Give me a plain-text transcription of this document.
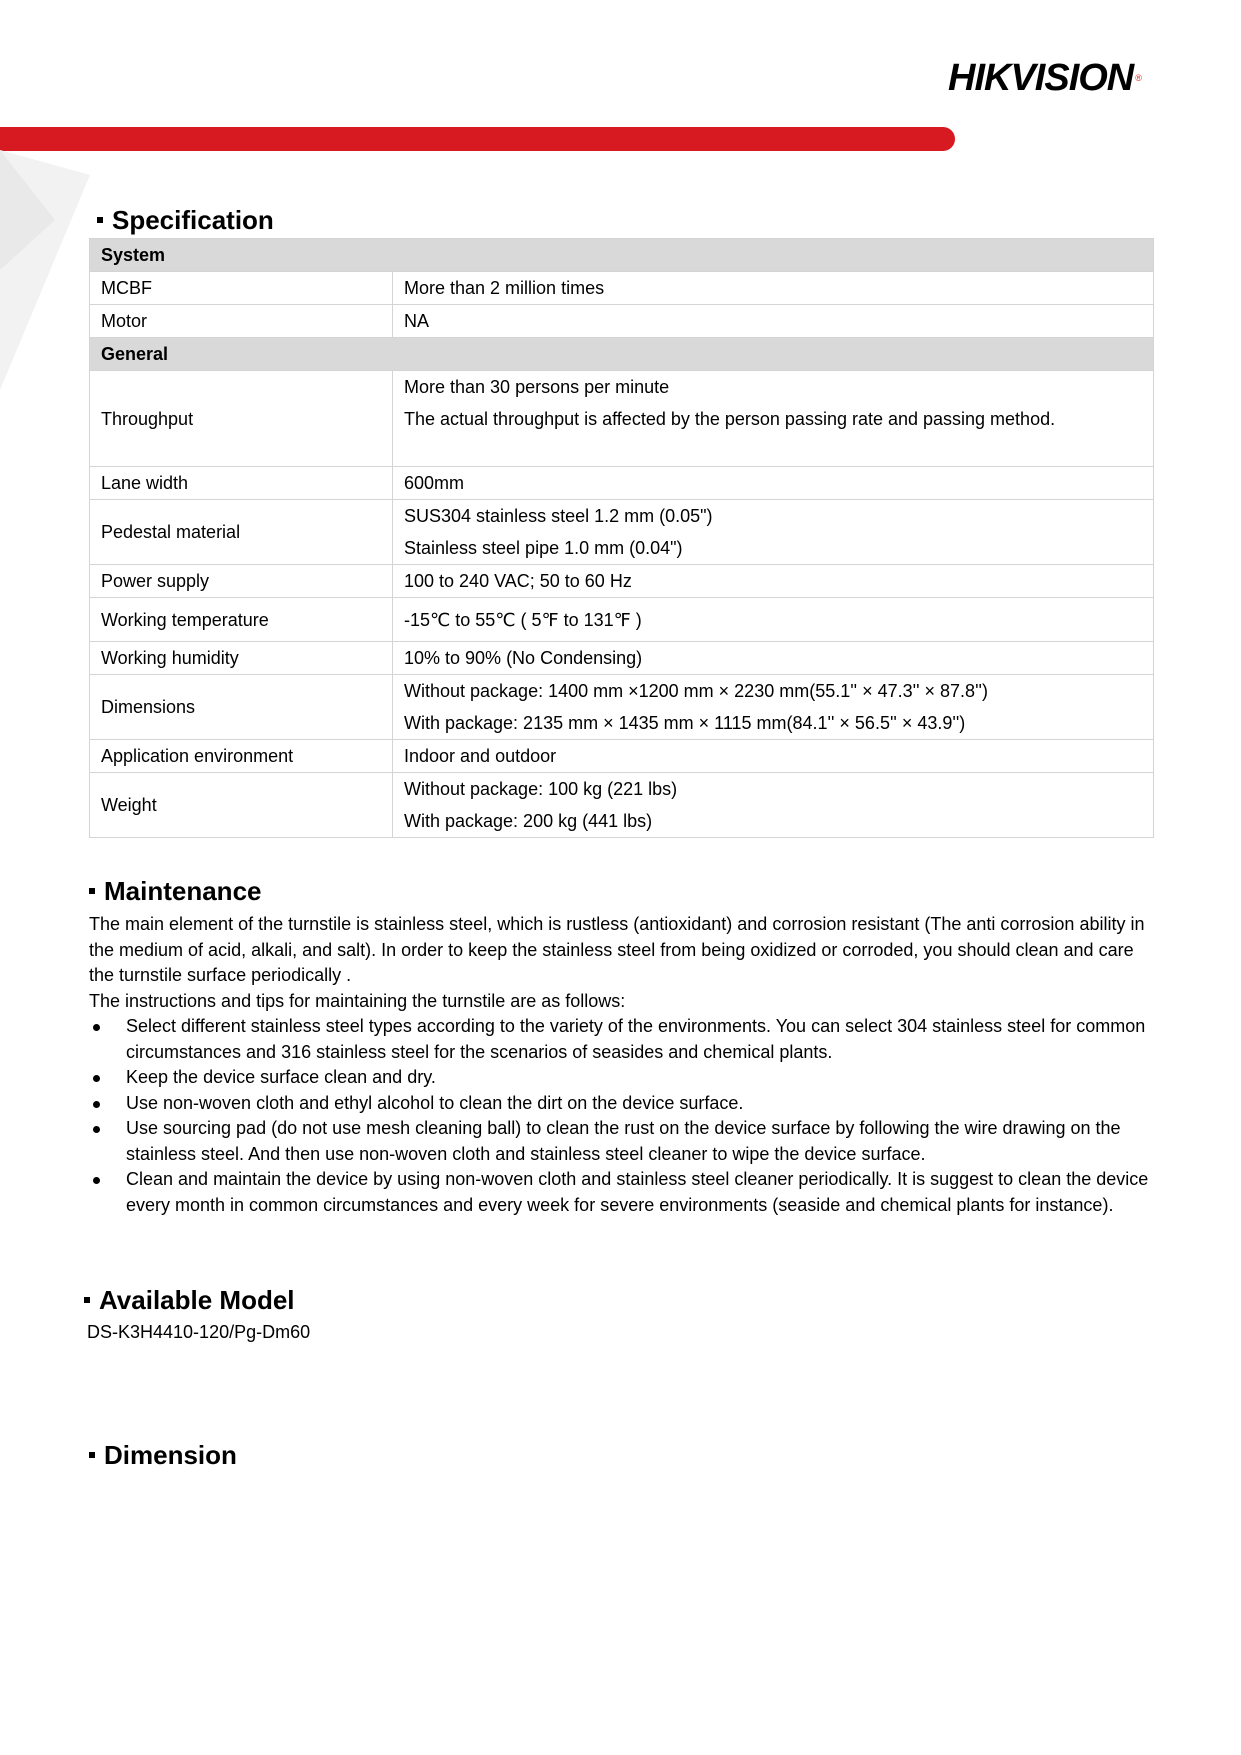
HIKVISION ®
Specification
System	
MCBF	More than 2 million times

Motor	NA

General	
Throughput	More than 30 persons per minute
The actual throughput is affected by the person passing rate and passing method.

Lane width	600mm

Pedestal material	SUS304 stainless steel 1.2 mm (0.05")
Stainless steel pipe 1.0 mm (0.04")

Power supply	100 to 240 VAC; 50 to 60 Hz

Working temperature	-15℃ to 55℃ ( 5℉ to 131℉ )

Working humidity	10% to 90% (No Condensing)

Dimensions	Without package: 1400 mm ×1200 mm × 2230 mm(55.1'' × 47.3'' × 87.8'')
With package: 2135 mm × 1435 mm × 1115 mm(84.1'' × 56.5'' × 43.9'')

Application environment	Indoor and outdoor

Weight	Without package: 100 kg (221 lbs)
With package: 200 kg (441 lbs)
Maintenance

The main element of the turnstile is stainless steel, which is rustless (antioxidant) and corrosion resistant (The anti corrosion ability in the medium of acid, alkali, and salt). In order to keep the stainless steel from being oxidized or corroded, you should clean and care the turnstile surface periodically .

The instructions and tips for maintaining the turnstile are as follows:

Select different stainless steel types according to the variety of the environments. You can select 304 stainless steel for common circumstances and 316 stainless steel for the scenarios of seasides and chemical plants.
Keep the device surface clean and dry.
Use non-woven cloth and ethyl alcohol to clean the dirt on the device surface.
Use sourcing pad (do not use mesh cleaning ball) to clean the rust on the device surface by following the wire drawing on the stainless steel. And then use non-woven cloth and stainless steel cleaner to wipe the device surface.
Clean and maintain the device by using non-woven cloth and stainless steel cleaner periodically. It is suggest to clean the device every month in common circumstances and every week for severe environments (seaside and chemical plants for instance).
Available Model
DS-K3H4410-120/Pg-Dm60
Dimension
